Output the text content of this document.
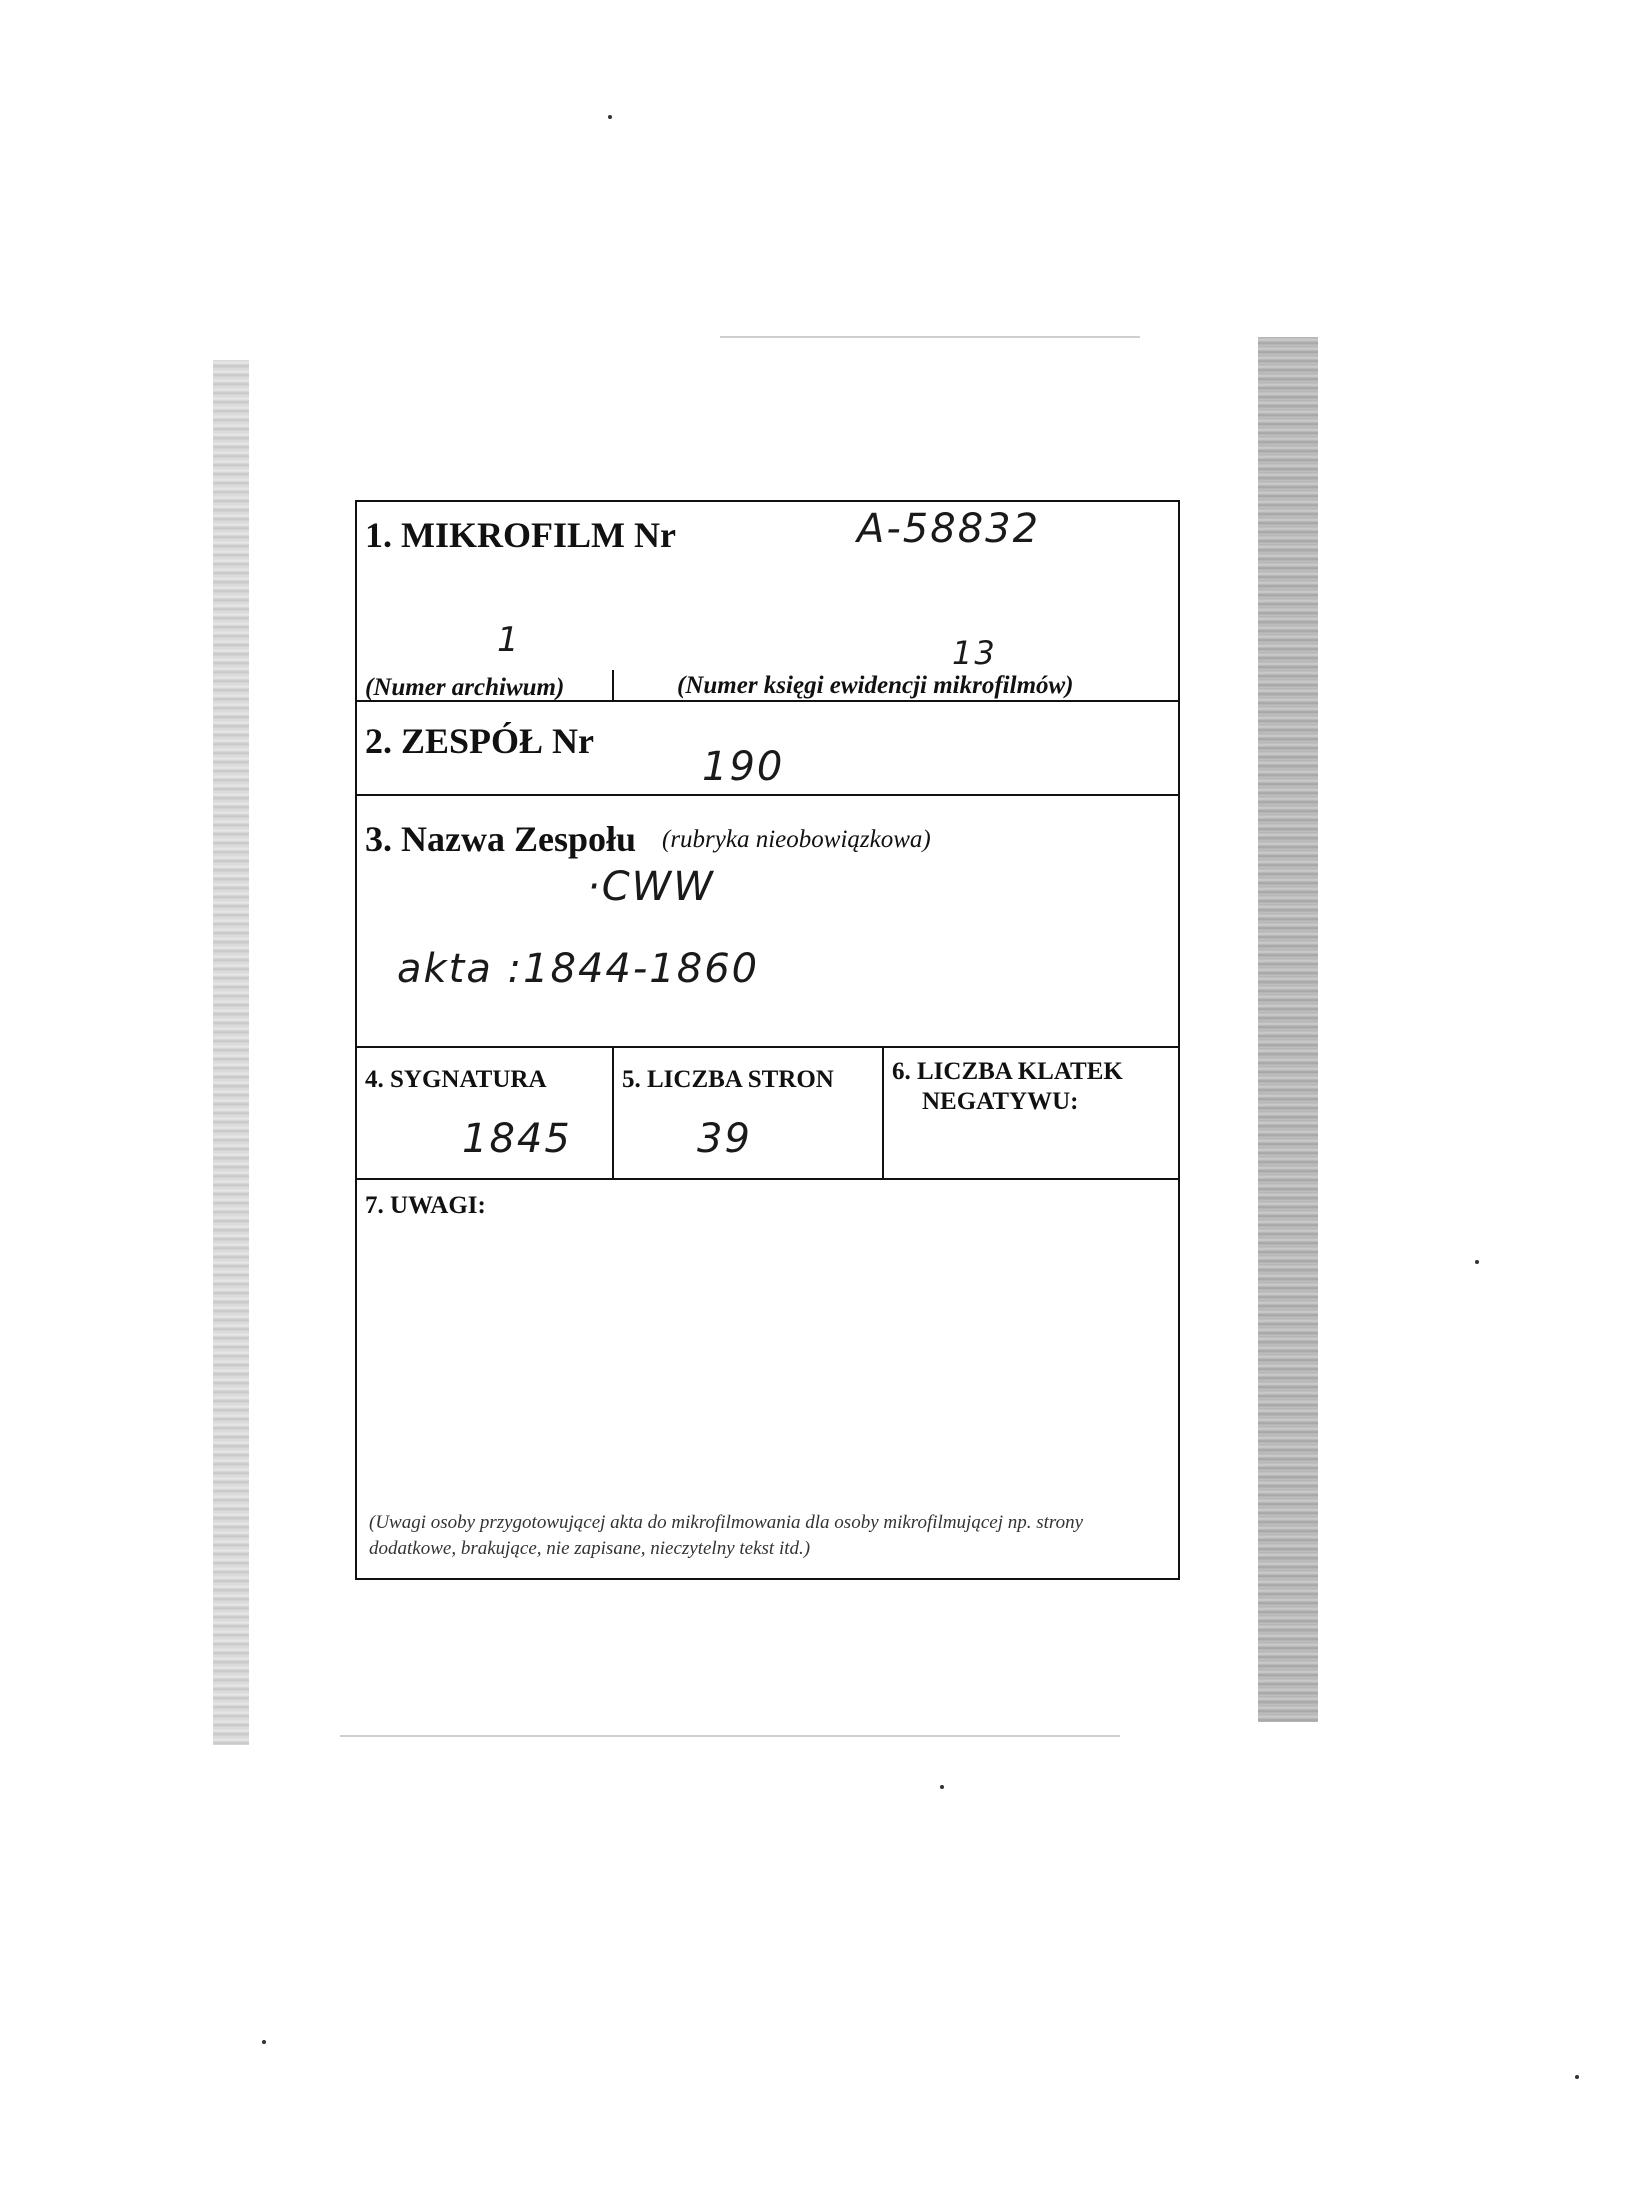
1. MIKROFILM Nr	A-58832
1	13
(Numer archiwum)	(Numer księgi ewidencji mikrofilmów)
2. ZESPÓŁ Nr
190
3. Nazwa Zespołu (rubryka nieobowiązkowa)
·CWW
akta :1844-1860
4. SYGNATURA
1845
5. LICZBA STRON
39
6. LICZBA KLATEK
NEGATYWU:
7. UWAGI:
(Uwagi osoby przygotowującej akta do mikrofilmowania dla osoby mikrofilmującej np. strony dodatkowe, brakujące, nie zapisane, nieczytelny tekst itd.)
